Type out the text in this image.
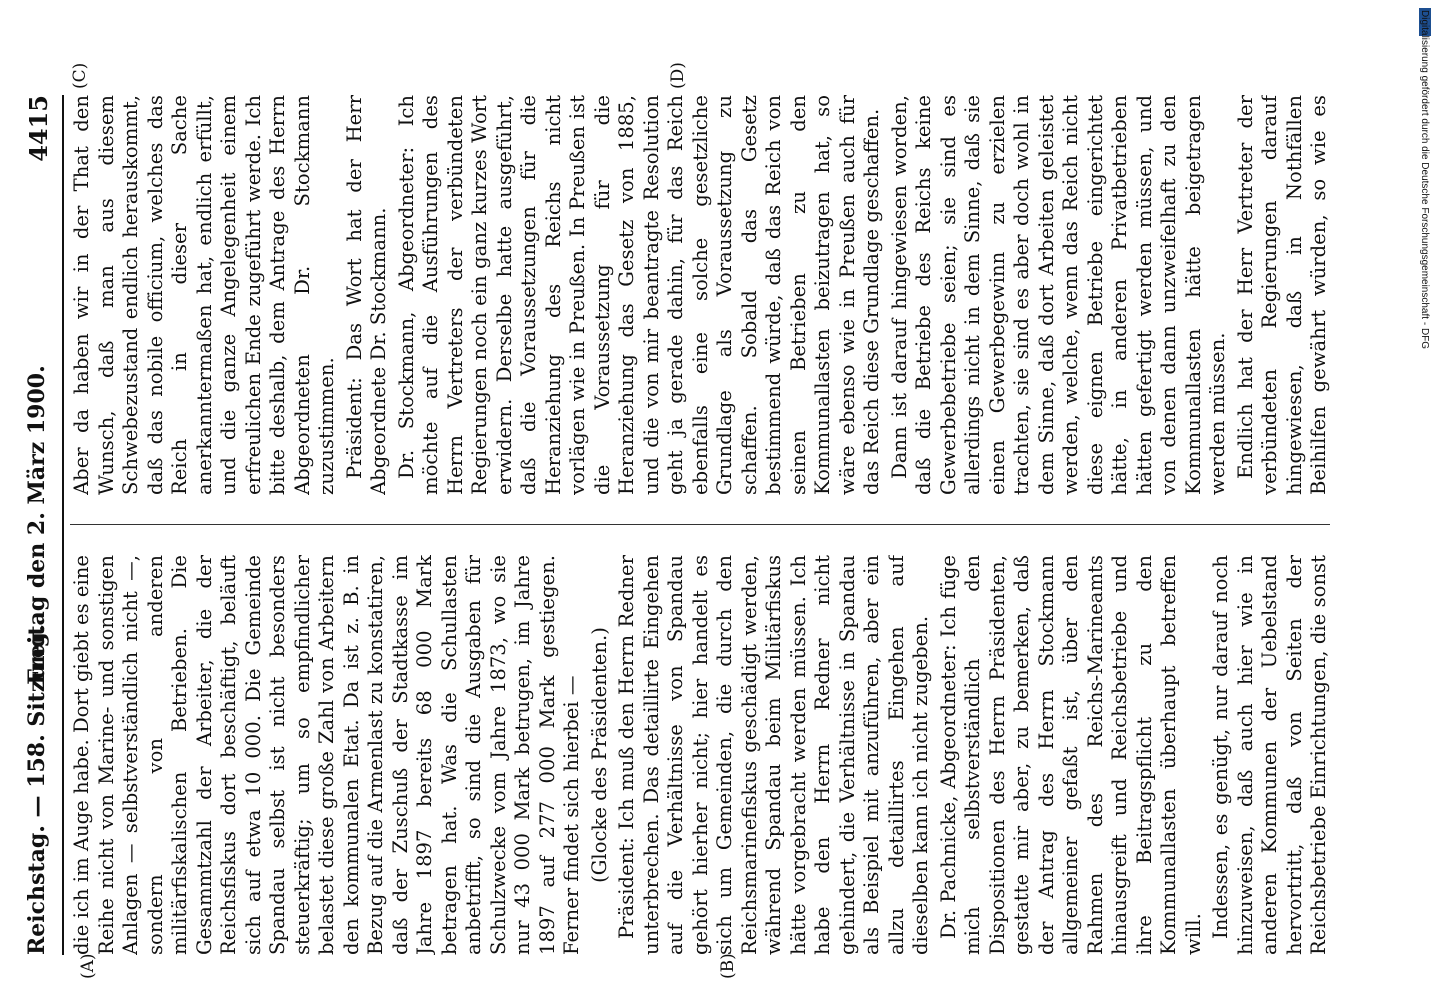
Reichstag. — 158. Sitzung.
Freitag den 2. März 1900.
4415
(A)	(B)
(C)	(D)

die ich im Auge habe. Dort giebt es eine Reihe nicht von Marine- und sonstigen Anlagen — selbstverständlich nicht —, sondern von anderen militärfiskalischen Betrieben. Die Gesammtzahl der Arbeiter, die der Reichsfiskus dort beschäftigt, beläuft sich auf etwa 10 000. Die Gemeinde Spandau selbst ist nicht besonders steuerkräftig; um so empfindlicher belastet diese große Zahl von Arbeitern den kommunalen Etat. Da ist z. B. in Bezug auf die Armenlast zu konstatiren, daß der Zuschuß der Stadtkasse im Jahre 1897 bereits 68 000 Mark betragen hat. Was die Schullasten anbetrifft, so sind die Ausgaben für Schulzwecke vom Jahre 1873, wo sie nur 43 000 Mark betrugen, im Jahre 1897 auf 277 000 Mark gestiegen. Ferner findet sich hierbei — (Glocke des Präsidenten.) Präsident: Ich muß den Herrn Redner unterbrechen. Das detaillirte Eingehen auf die Verhältnisse von Spandau gehört hierher nicht; hier handelt es sich um Gemeinden, die durch den Reichsmarinefiskus geschädigt werden, während Spandau beim Militärfiskus hätte vorgebracht werden müssen. Ich habe den Herrn Redner nicht gehindert, die Verhältnisse in Spandau als Beispiel mit anzuführen, aber ein allzu detaillirtes Eingehen auf dieselben kann ich nicht zugeben. Dr. Pachnicke, Abgeordneter: Ich füge mich selbstverständlich den Dispositionen des Herrn Präsidenten, gestatte mir aber, zu bemerken, daß der Antrag des Herrn Stockmann allgemeiner gefaßt ist, über den Rahmen des Reichs-Marineamts hinausgreift und Reichsbetriebe und ihre Beitragspflicht zu den Kommunallasten überhaupt betreffen will. Indessen, es genügt, nur darauf noch hinzuweisen, daß auch hier wie in anderen Kommunen der Uebelstand hervortritt, daß von Seiten der Reichsbetriebe Einrichtungen, die sonst

Aber da haben wir in der That den Wunsch, daß man aus diesem Schwebezustand endlich herauskommt, daß das nobile officium, welches das Reich in dieser Sache anerkanntermaßen hat, endlich erfüllt, und die ganze Angelegenheit einem erfreulichen Ende zugeführt werde. Ich bitte deshalb, dem Antrage des Herrn Abgeordneten Dr. Stockmann zuzustimmen. Präsident: Das Wort hat der Herr Abgeordnete Dr. Stockmann. Dr. Stockmann, Abgeordneter: Ich möchte auf die Ausführungen des Herrn Vertreters der verbündeten Regierungen noch ein ganz kurzes Wort erwidern. Derselbe hatte ausgeführt, daß die Voraussetzungen für die Heranziehung des Reichs nicht vorlägen wie in Preußen. In Preußen ist die Voraussetzung für die Heranziehung das Gesetz von 1885, und die von mir beantragte Resolution geht ja gerade dahin, für das Reich ebenfalls eine solche gesetzliche Grundlage als Voraussetzung zu schaffen. Sobald das Gesetz bestimmend würde, daß das Reich von seinen Betrieben zu den Kommunallasten beizutragen hat, so wäre ebenso wie in Preußen auch für das Reich diese Grundlage geschaffen. Dann ist darauf hingewiesen worden, daß die Betriebe des Reichs keine Gewerbebetriebe seien; sie sind es allerdings nicht in dem Sinne, daß sie einen Gewerbegewinn zu erzielen trachten, sie sind es aber doch wohl in dem Sinne, daß dort Arbeiten geleistet werden, welche, wenn das Reich nicht diese eignen Betriebe eingerichtet hätte, in anderen Privatbetrieben hätten gefertigt werden müssen, und von denen dann unzweifelhaft zu den Kommunallasten hätte beigetragen werden müssen. Endlich hat der Herr Vertreter der verbündeten Regierungen darauf hingewiesen, daß in Nothfällen Beihilfen gewährt würden, so wie es	Digitalisierung gefördert durch die Deutsche Forschungsgemeinschaft - DFG
